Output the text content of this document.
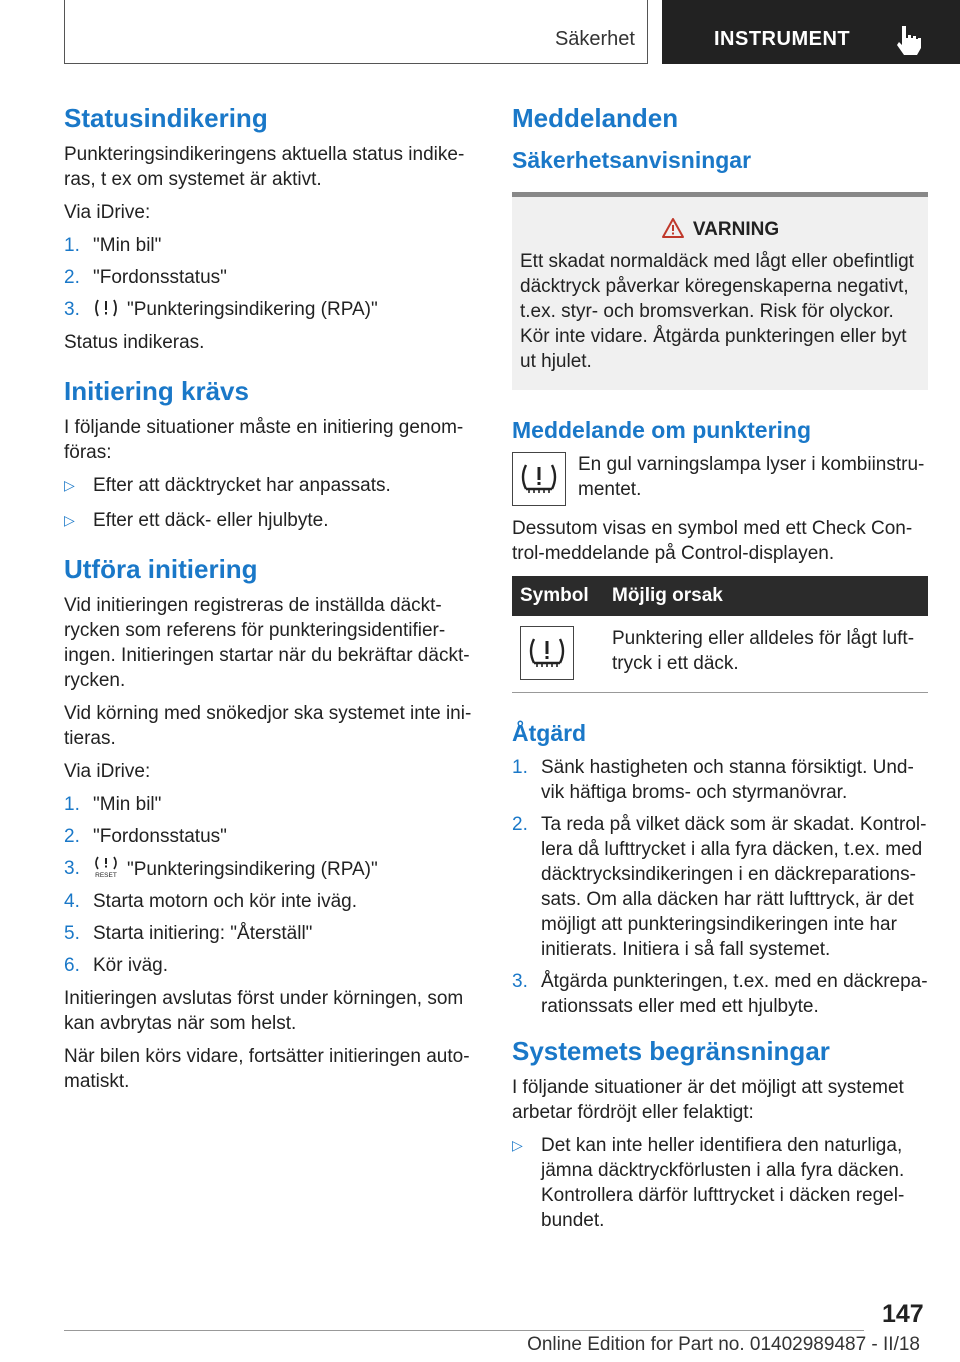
Säkerhet	INSTRUMENT
Statusindikering

Punkteringsindikeringens aktuella status indike-ras, t ex om systemet är aktivt.

Via iDrive:

1. "Min bil"
2. "Fordonsstatus"
3. "Punkteringsindikering (RPA)"

Status indikeras.

Initiering krävs

I följande situationer måste en initiering genom-föras:

▷ Efter att däcktrycket har anpassats.
▷ Efter ett däck- eller hjulbyte.
Utföra initiering

Vid initieringen registreras de inställda däckt-rycken som referens för punkteringsidentifier-ingen. Initieringen startar när du bekräftar däckt-rycken.

Vid körning med snökedjor ska systemet inte ini-tieras.

Via iDrive:

1. "Min bil"
2. "Fordonsstatus"
3. RESET "Punkteringsindikering (RPA)"
4. Starta motorn och kör inte iväg.
5. Starta initiering: "Återställ"
6. Kör iväg.

Initieringen avslutas först under körningen, som kan avbrytas när som helst.

När bilen körs vidare, fortsätter initieringen auto-matiskt.

Meddelanden
Säkerhetsanvisningar
VARNING

Ett skadat normaldäck med lågt eller obefintligt däcktryck påverkar köregenskaperna negativt, t.ex. styr- och bromsverkan. Risk för olyckor. Kör inte vidare. Åtgärda punkteringen eller byt ut hjulet.

Meddelande om punktering

En gul varningslampa lyser i kombiinstru-mentet.

Dessutom visas en symbol med ett Check Con-trol-meddelande på Control-displayen.

Symbol	Möjlig orsak

	Punktering eller alldeles för lågt luft-tryck i ett däck.
Åtgärd
1. Sänk hastigheten och stanna försiktigt. Und-vik häftiga broms- och styrmanövrar.
2. Ta reda på vilket däck som är skadat. Kontrol-lera då lufttrycket i alla fyra däcken, t.ex. med däcktrycksindikeringen i en däckreparations-sats. Om alla däcken har rätt lufttryck, är det möjligt att punkteringsindikeringen inte har initierats. Initiera i så fall systemet.
3. Åtgärda punkteringen, t.ex. med en däckrepa-rationssats eller med ett hjulbyte.
Systemets begränsningar

I följande situationer är det möjligt att systemet arbetar fördröjt eller felaktigt:

▷ Det kan inte heller identifiera den naturliga, jämna däcktryckförlusten i alla fyra däcken. Kontrollera därför lufttrycket i däcken regel-bundet.
147
Online Edition for Part no. 01402989487 - II/18
